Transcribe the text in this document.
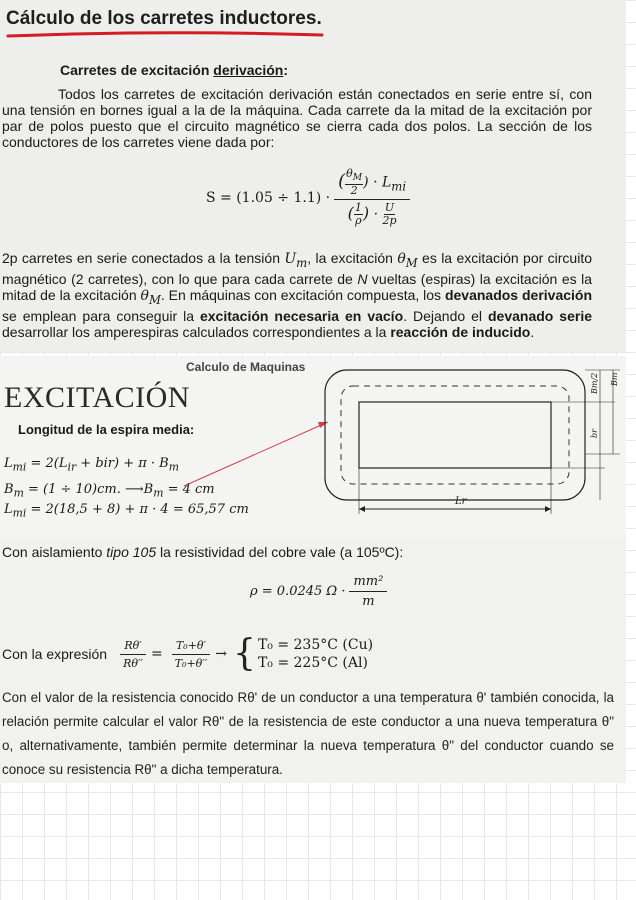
Cálculo de los carretes inductores.
Carretes de excitación derivación:
Todos los carretes de excitación derivación están conectados en serie entre sí, con una tensión en bornes igual a la de la máquina. Cada carrete da la mitad de la excitación por par de polos puesto que el circuito magnético se cierra cada dos polos. La sección de los conductores de los carretes viene dada por:
$S = (1.05 \div 1.1) \cdot \frac{( \frac{\theta_M}{2} ) \cdot L_{mi}}{( \frac{1}{\rho} ) \cdot \frac{U}{2p}}$
2p carretes en serie conectados a la tensión $U_m$, la excitación $\theta_M$ es la excitación por circuito magnético (2 carretes), con lo que para cada carrete de N vueltas (espiras) la excitación es la mitad de la excitación $\theta_M$. En máquinas con excitación compuesta, los devanados derivación se emplean para conseguir la excitación necesaria en vacío. Dejando el devanado serie desarrollar los amperespiras calculados correspondientes a la reacción de inducido.
Calculo de Maquinas
EXCITACIÓN
Longitud de la espira media:
$L_{mi} = 2(L_{ir} + bir) + \pi \cdot B_m$
$B_m = (1 \div 10)cm$. $⟶B_m = 4$ cm
$L_{mi} = 2(18,5 + 8) + \pi \cdot 4 = 65,57$ cm
Lr
Bm/2 Bm
br
Con aislamiento tipo 105 la resistividad del cobre vale (a 105ºC):
ρ = 0.0245 $\Omega \cdot \frac{\text{mm²}}{m}$
Con la expresión $\frac{R\theta'}{R\theta''} = \frac{\text{T₀+θ′}}{\text{T₀+θ′′}}$ → { T₀ = 235°C (Cu)
T₀ = 225°C (Al)
Con el valor de la resistencia conocido Rθ' de un conductor a una temperatura θ' también conocida, la relación permite calcular el valor Rθ" de la resistencia de este conductor a una nueva temperatura θ" o, alternativamente, también permite determinar la nueva temperatura θ" del conductor cuando se conoce su resistencia Rθ" a dicha temperatura.
